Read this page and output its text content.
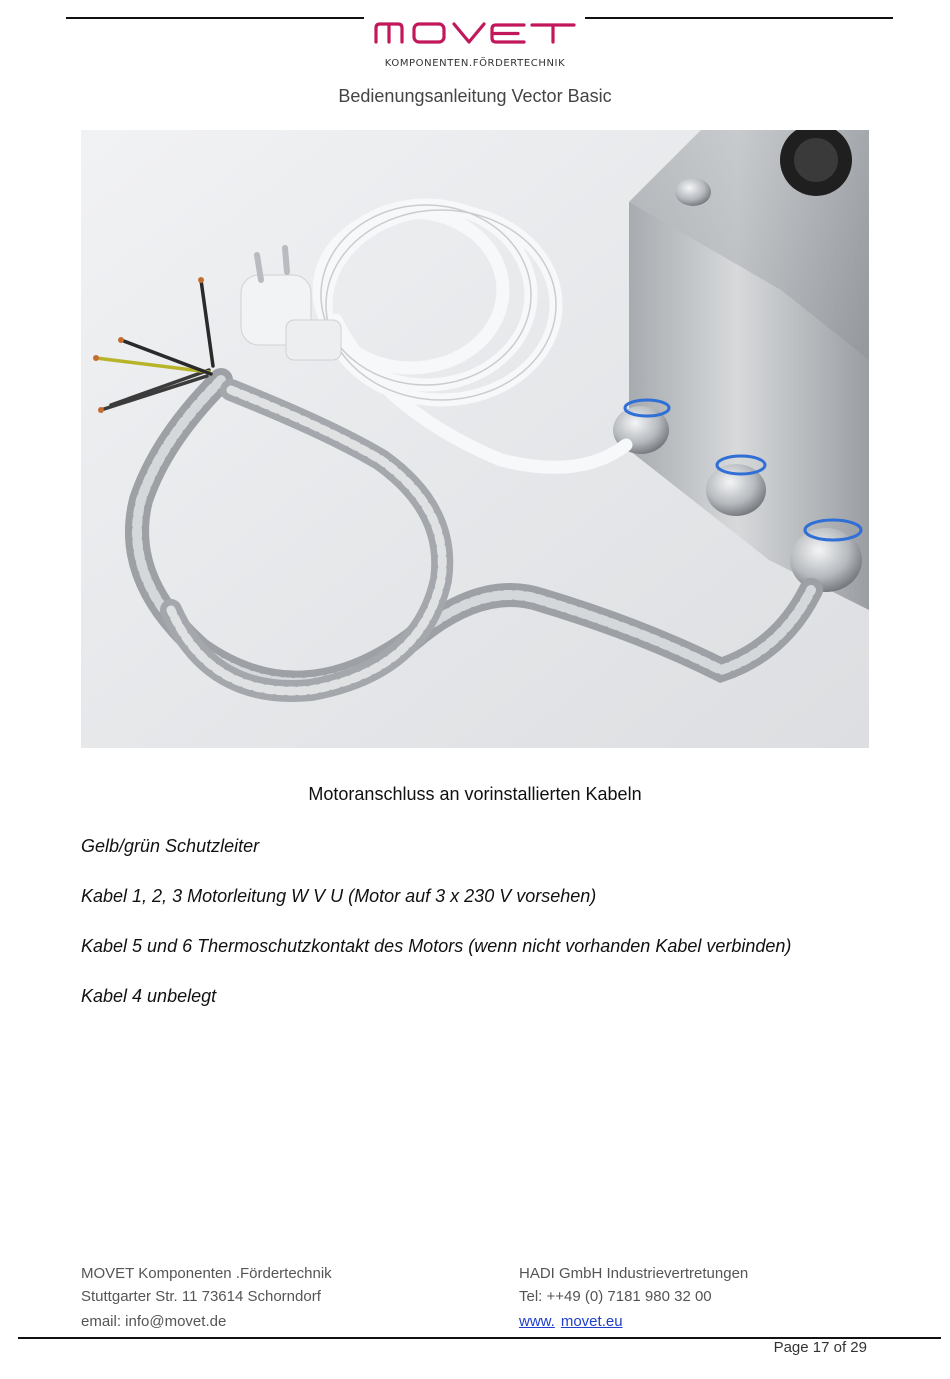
KOMPONENTEN.FÖRDERTECHNIK
Bedienungsanleitung Vector Basic
Motoranschluss an vorinstallierten Kabeln
Gelb/grün Schutzleiter
Kabel 1, 2, 3 Motorleitung W V U (Motor auf 3 x 230 V vorsehen)
Kabel 5 und 6 Thermoschutzkontakt des Motors (wenn nicht vorhanden Kabel verbinden)
Kabel 4 unbelegt
MOVET Komponenten .Fördertechnik
Stuttgarter Str. 11 73614 Schorndorf
email: info@movet.de
HADI GmbH Industrievertretungen
Tel: ++49 (0) 7181 980 32 00
www. movet.eu
Page 17 of 29
